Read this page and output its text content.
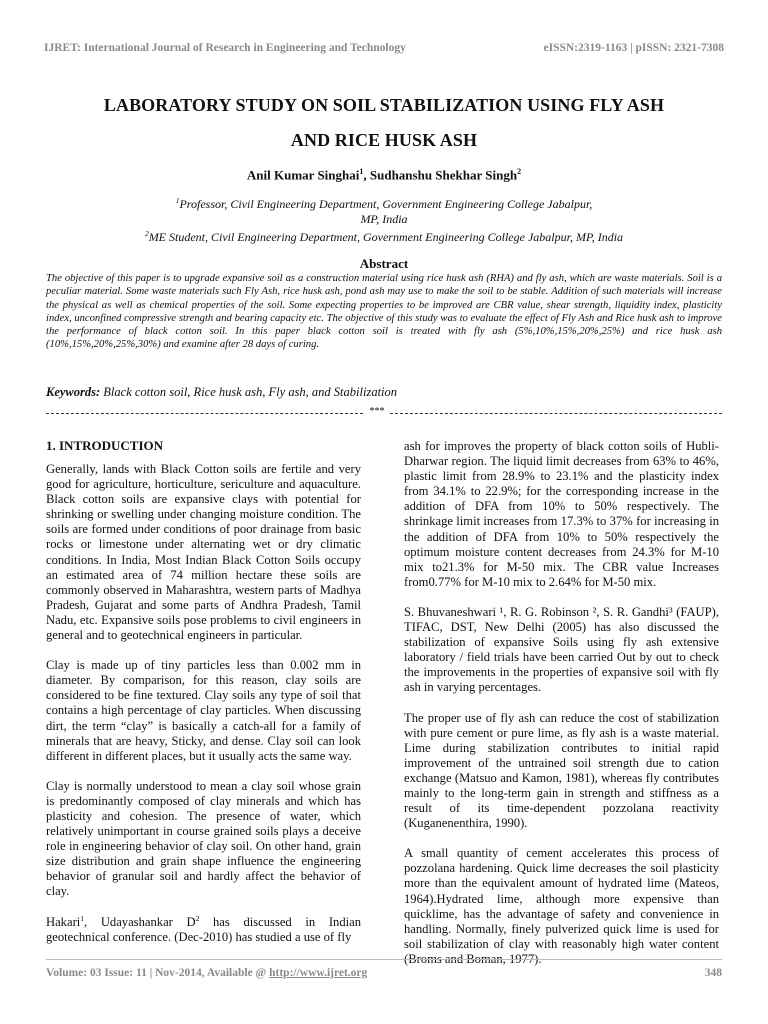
IJRET: International Journal of Research in Engineering and Technology	eISSN:2319-1163 | pISSN: 2321-7308
LABORATORY STUDY ON SOIL STABILIZATION USING FLY ASH
AND RICE HUSK ASH
Anil Kumar Singhai$^1$, Sudhanshu Shekhar Singh$^2$
$^1$Professor, Civil Engineering Department, Government Engineering College Jabalpur,
MP, India
$^2$ME Student, Civil Engineering Department, Government Engineering College Jabalpur, MP, India
Abstract
The objective of this paper is to upgrade expansive soil as a construction material using rice husk ash (RHA) and fly ash, which are waste materials. Soil is a peculiar material. Some waste materials such Fly Ash, rice husk ash, pond ash may use to make the soil to be stable. Addition of such materials will increase the physical as well as chemical properties of the soil. Some expecting properties to be improved are CBR value, shear strength, liquidity index, plasticity index, unconfined compressive strength and bearing capacity etc. The objective of this study was to evaluate the effect of Fly Ash and Rice husk ash to improve the performance of black cotton soil. In this paper black cotton soil is treated with fly ash (5%,10%,15%,20%,25%) and rice husk ash (10%,15%,20%,25%,30%) and examine after 28 days of curing.
Keywords: Black cotton soil, Rice husk ash, Fly ash, and Stabilization
***
1. INTRODUCTION

Generally, lands with Black Cotton soils are fertile and very good for agriculture, horticulture, sericulture and aquaculture. Black cotton soils are expansive clays with potential for shrinking or swelling under changing moisture condition. The soils are formed under conditions of poor drainage from basic rocks or limestone under alternating wet or dry climatic conditions. In India, Most Indian Black Cotton Soils occupy an estimated area of 74 million hectare these soils are commonly observed in Maharashtra, western parts of Madhya Pradesh, Gujarat and some parts of Andhra Pradesh, Tamil Nadu, etc. Expansive soils pose problems to civil engineers in general and to geotechnical engineers in particular.

Clay is made up of tiny particles less than 0.002 mm in diameter. By comparison, for this reason, clay soils are considered to be fine textured. Clay soils any type of soil that contains a high percentage of clay particles. When discussing dirt, the term “clay” is basically a catch-all for a family of minerals that are heavy, Sticky, and dense. Clay soil can look different in different places, but it usually acts the same way.

Clay is normally understood to mean a clay soil whose grain is predominantly composed of clay minerals and which has plasticity and cohesion. The presence of water, which relatively unimportant in course grained soils plays a deceive role in engineering behavior of clay soil. On other hand, grain size distribution and grain shape influence the engineering behavior of granular soil and hardly affect the behavior of clay.

Hakari$^1$, Udayashankar $D^2$ has discussed in Indian geotechnical conference. (Dec-2010) has studied a use of fly

ash for improves the property of black cotton soils of Hubli-Dharwar region. The liquid limit decreases from 63% to 46%, plastic limit from 28.9% to 23.1% and the plasticity index from 34.1% to 22.9%; for the corresponding increase in the addition of DFA from 10% to 50% respectively. The shrinkage limit increases from 17.3% to 37% for increasing in the addition of DFA from 10% to 50% respectively the optimum moisture content decreases from 24.3% for M-10 mix to21.3% for M-50 mix. The CBR value Increases from0.77% for M-10 mix to 2.64% for M-50 mix.

S. Bhuvaneshwari ¹, R. G. Robinson ², S. R. Gandhi³ (FAUP), TIFAC, DST, New Delhi (2005) has also discussed the stabilization of expansive Soils using fly ash extensive laboratory / field trials have been carried Out by out to check the improvements in the properties of expansive soil with fly ash in varying percentages.

The proper use of fly ash can reduce the cost of stabilization with pure cement or pure lime, as fly ash is a waste material. Lime during stabilization contributes to initial rapid improvement of the untrained soil strength due to cation exchange (Matsuo and Kamon, 1981), whereas fly contributes mainly to the long-term gain in strength and stiffness as a result of its time-dependent pozzolana reactivity (Kuganenenthira, 1990).

A small quantity of cement accelerates this process of pozzolana hardening. Quick lime decreases the soil plasticity more than the equivalent amount of hydrated lime (Mateos, 1964).Hydrated lime, although more expensive than quicklime, has the advantage of safety and convenience in handling. Normally, finely pulverized quick lime is used for soil stabilization of clay with reasonably high water content (Broms and Boman, 1977).

Volume: 03 Issue: 11 | Nov-2014, Available @ http://www.ijret.org	348
